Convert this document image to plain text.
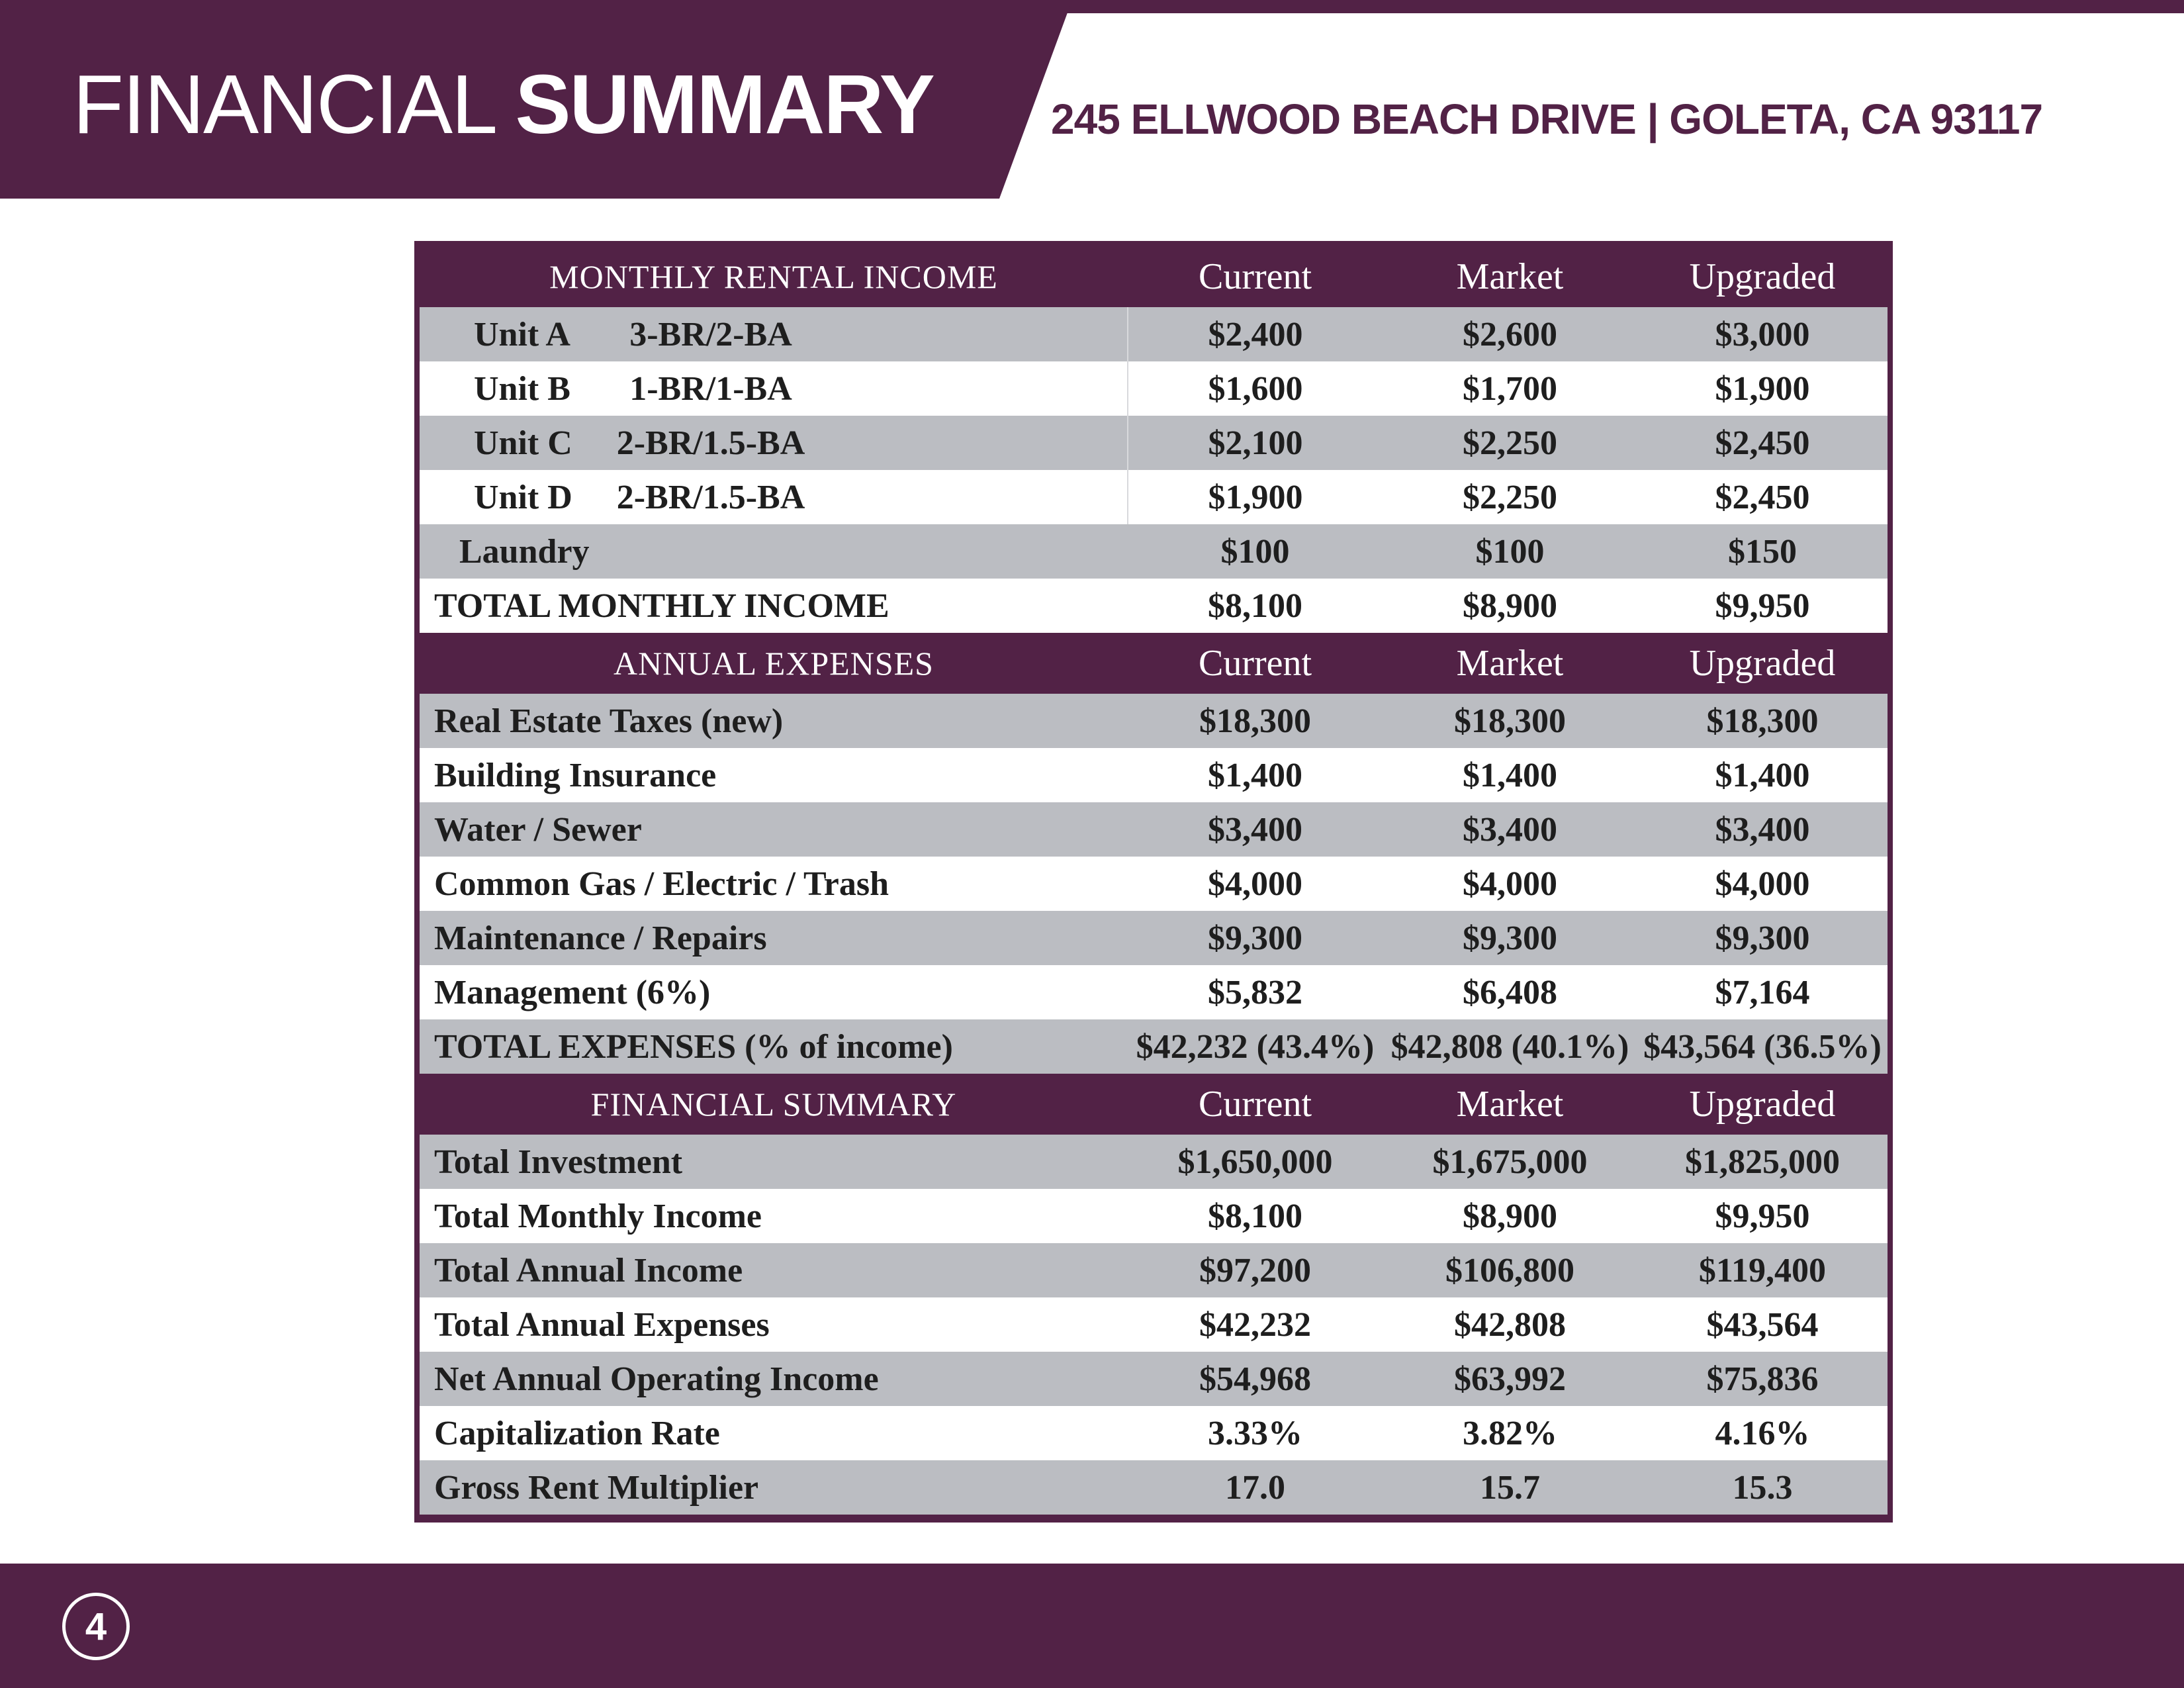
FINANCIAL SUMMARY	245 ELLWOOD BEACH DRIVE | GOLETA, CA 93117
MONTHLY RENTAL INCOME			Current	Market	Upgraded
Unit A	3-BR/2-BA		$2,400	$2,600	$3,000
Unit B	1-BR/1-BA		$1,600	$1,700	$1,900
Unit C	2-BR/1.5-BA		$2,100	$2,250	$2,450
Unit D	2-BR/1.5-BA		$1,900	$2,250	$2,450
Laundry			$100	$100	$150
TOTAL MONTHLY INCOME			$8,100	$8,900	$9,950
ANNUAL EXPENSES			Current	Market	Upgraded
Real Estate Taxes (new)			$18,300	$18,300	$18,300
Building Insurance			$1,400	$1,400	$1,400
Water / Sewer			$3,400	$3,400	$3,400
Common Gas / Electric / Trash			$4,000	$4,000	$4,000
Maintenance / Repairs			$9,300	$9,300	$9,300
Management (6%)			$5,832	$6,408	$7,164
TOTAL EXPENSES (% of income)			$42,232 (43.4%)	$42,808 (40.1%)	$43,564 (36.5%)
FINANCIAL SUMMARY			Current	Market	Upgraded
Total Investment			$1,650,000	$1,675,000	$1,825,000
Total Monthly Income			$8,100	$8,900	$9,950
Total Annual Income			$97,200	$106,800	$119,400
Total Annual Expenses			$42,232	$42,808	$43,564
Net Annual Operating Income			$54,968	$63,992	$75,836
Capitalization Rate			3.33%	3.82%	4.16%
Gross Rent Multiplier			17.0	15.7	15.3
4
